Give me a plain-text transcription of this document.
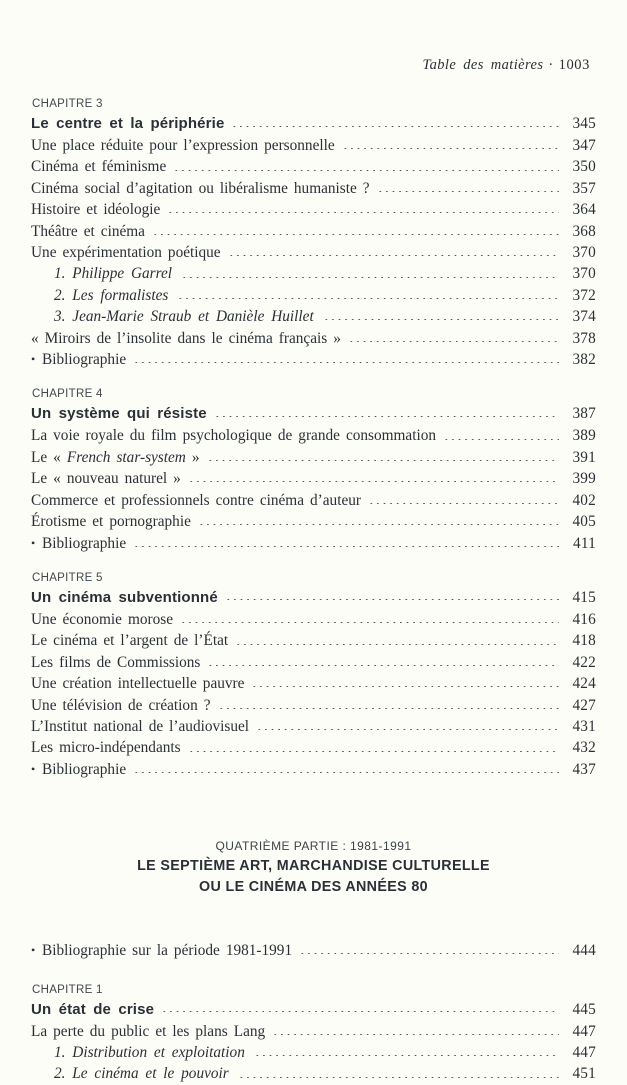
Table des matières · 1003
CHAPITRE 3
Le centre et la périphérie	345
Une place réduite pour l’expression personnelle	347
Cinéma et féminisme	350
Cinéma social d’agitation ou libéralisme humaniste ?	357
Histoire et idéologie	364
Théâtre et cinéma	368
Une expérimentation poétique	370
1. Philippe Garrel	370
2. Les formalistes	372
3. Jean-Marie Straub et Danièle Huillet	374
« Miroirs de l’insolite dans le cinéma français »	378
• Bibliographie	382
CHAPITRE 4
Un système qui résiste	387
La voie royale du film psychologique de grande consommation	389
Le « French star-system »	391
Le « nouveau naturel »	399
Commerce et professionnels contre cinéma d’auteur	402
Érotisme et pornographie	405
• Bibliographie	411
CHAPITRE 5
Un cinéma subventionné	415
Une économie morose	416
Le cinéma et l’argent de l’État	418
Les films de Commissions	422
Une création intellectuelle pauvre	424
Une télévision de création ?	427
L’Institut national de l’audiovisuel	431
Les micro-indépendants	432
• Bibliographie	437
QUATRIÈME PARTIE : 1981-1991
LE SEPTIÈME ART, MARCHANDISE CULTURELLE
OU LE CINÉMA DES ANNÉES 80
• Bibliographie sur la période 1981-1991	444
CHAPITRE 1
Un état de crise	445
La perte du public et les plans Lang	447
1. Distribution et exploitation	447
2. Le cinéma et le pouvoir	451
